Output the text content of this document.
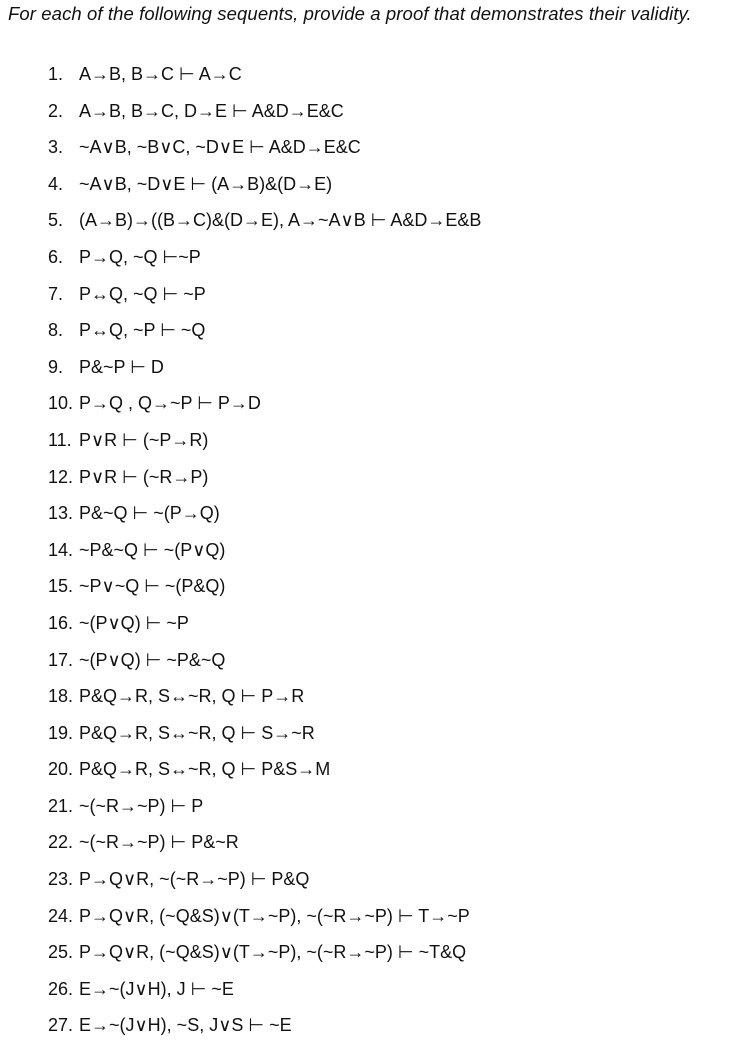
For each of the following sequents, provide a proof that demonstrates their validity.
1. A→B, B→C ⊢ A→C
2. A→B, B→C, D→E ⊢ A&D→E&C
3. ~A∨B, ~B∨C, ~D∨E ⊢ A&D→E&C
4. ~A∨B, ~D∨E ⊢ (A→B)&(D→E)
5. (A→B)→((B→C)&(D→E), A→~A∨B ⊢ A&D→E&B
6. P→Q, ~Q ⊢~P
7. P↔Q, ~Q ⊢ ~P
8. P↔Q, ~P ⊢ ~Q
9. P&~P ⊢ D
10. P→Q , Q→~P ⊢ P→D
11. P∨R ⊢ (~P→R)
12. P∨R ⊢ (~R→P)
13. P&~Q ⊢ ~(P→Q)
14. ~P&~Q ⊢ ~(P∨Q)
15. ~P∨~Q ⊢ ~(P&Q)
16. ~(P∨Q) ⊢ ~P
17. ~(P∨Q) ⊢ ~P&~Q
18. P&Q→R, S↔~R, Q ⊢ P→R
19. P&Q→R, S↔~R, Q ⊢ S→~R
20. P&Q→R, S↔~R, Q ⊢ P&S→M
21. ~(~R→~P) ⊢ P
22. ~(~R→~P) ⊢ P&~R
23. P→Q∨R, ~(~R→~P) ⊢ P&Q
24. P→Q∨R, (~Q&S)∨(T→~P), ~(~R→~P) ⊢ T→~P
25. P→Q∨R, (~Q&S)∨(T→~P), ~(~R→~P) ⊢ ~T&Q
26. E→~(J∨H), J ⊢ ~E
27. E→~(J∨H), ~S, J∨S ⊢ ~E
